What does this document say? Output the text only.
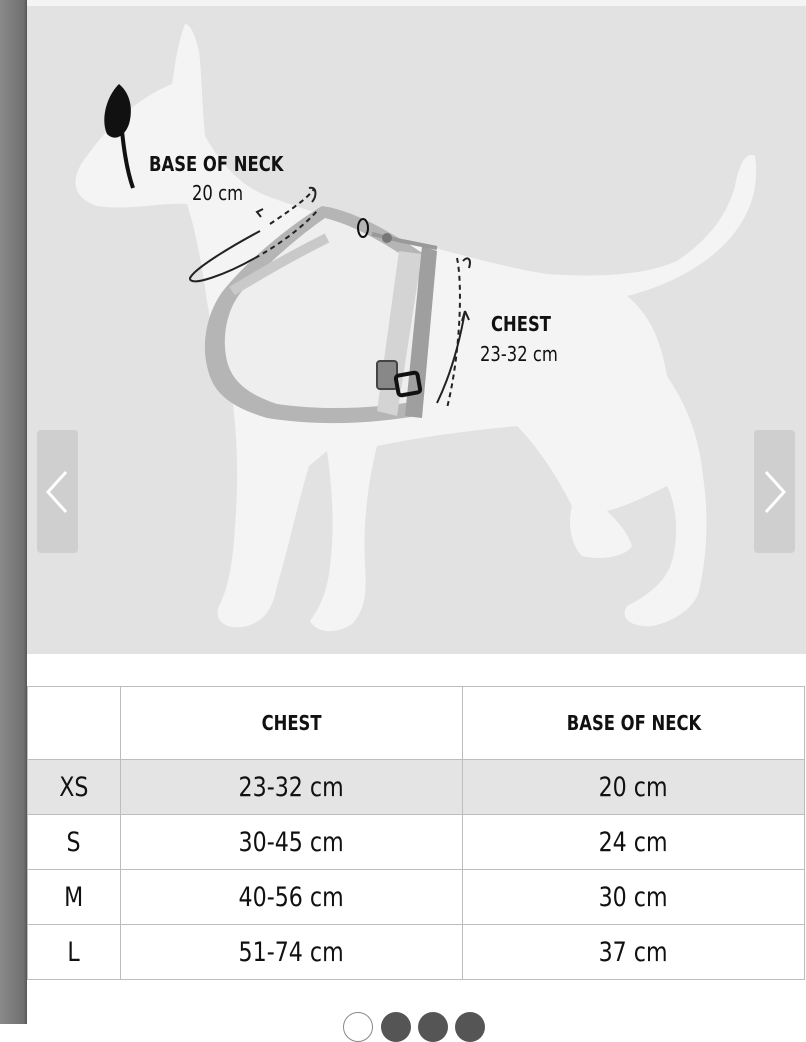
BASE OF NECK
20 cm
CHEST
23-32 cm
	CHEST	BASE OF NECK
XS	23-32 cm	20 cm
S	30-45 cm	24 cm
M	40-56 cm	30 cm
L	51-74 cm	37 cm
